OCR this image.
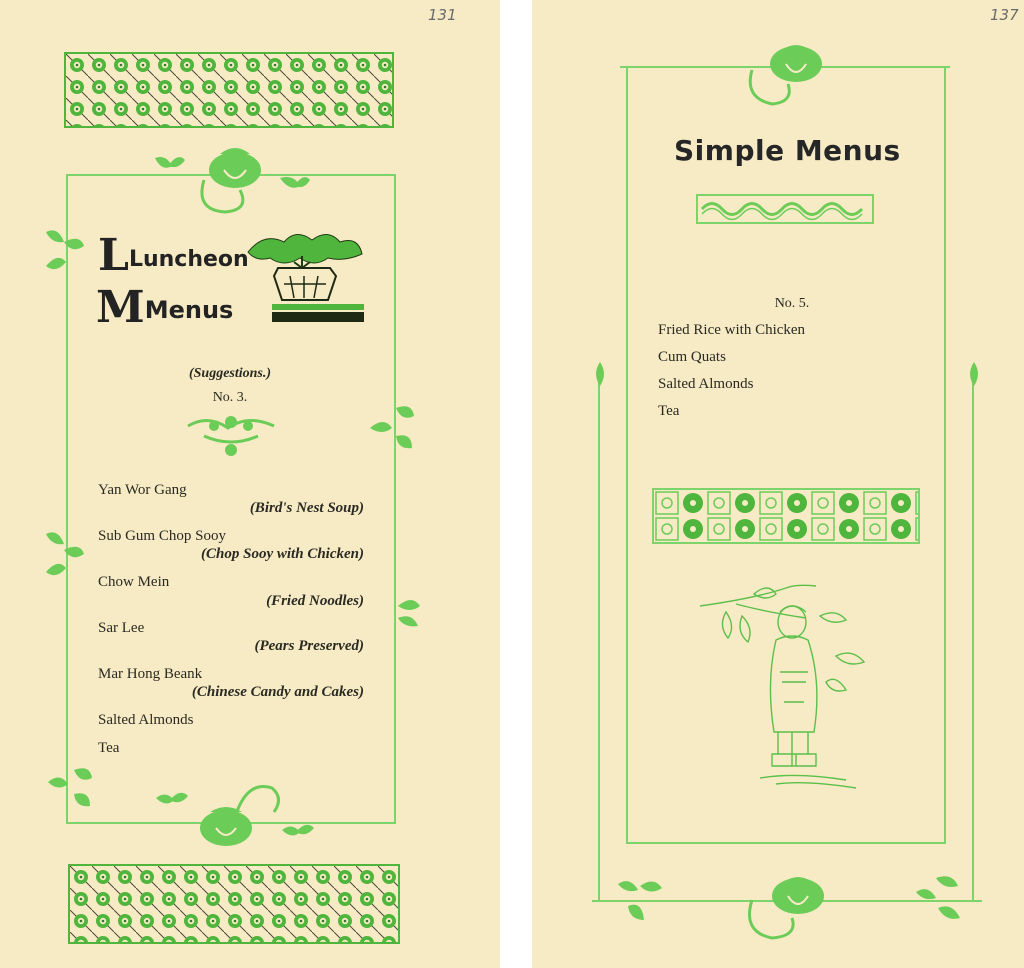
131
LLuncheon
MMenus
(Suggestions.)
No. 3.
Yan Wor Gang
(Bird's Nest Soup)
Sub Gum Chop Sooy
(Chop Sooy with Chicken)
Chow Mein
(Fried Noodles)
Sar Lee
(Pears Preserved)
Mar Hong Beank
(Chinese Candy and Cakes)
Salted Almonds
Tea
137
Simple Menus
No. 5.
Fried Rice with Chicken
Cum Quats
Salted Almonds
Tea
